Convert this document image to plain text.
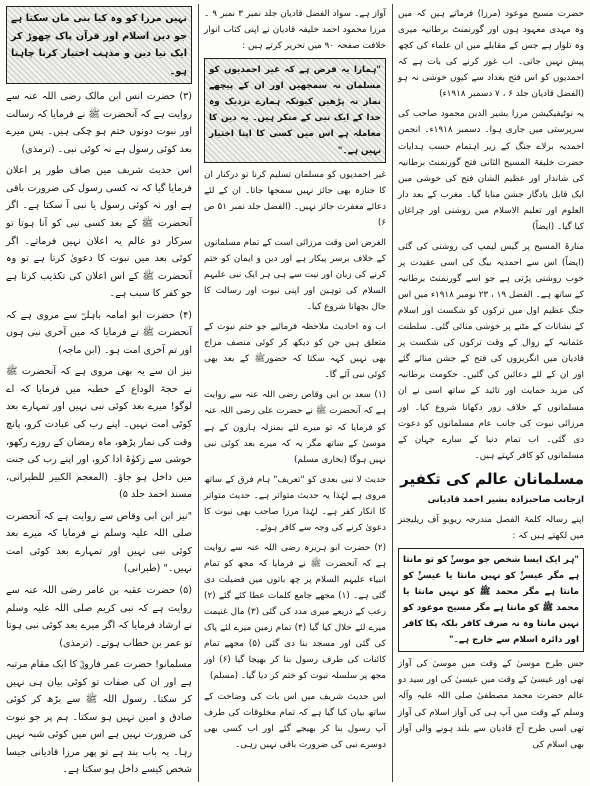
حضرت مسیح موعود (مرزا) فرماتے ہیں کہ میں وہ مہدی معہود ہوں اور گورنمنٹ برطانیہ میری وہ تلوار ہے جس کے مقابلے میں ان علماء کی کچھ پیش نہیں جاتی۔ اب غور کرنے کی بات ہے کہ احمدیوں کو اس فتح بغداد سے کیوں خوشی نہ ہو (الفضل قادیان جلد ۶ ، ۷ دسمبر ۱۹۱۸ء)

یہ نوٹیفیکیشن مرزا بشیر الدین محمود صاحب کی سرپرستی میں جاری ہوا۔ دسمبر ۱۹۱۸ء۔ انجمن احمدیہ برلاے جنگ کے زیر اہتمام حسب ہدایات حضرت خلیفۃ المسیح الثانی فتح گورنمنٹ برطانیہ کی شاندار اور عظیم الشان فتح کی خوشی میں ایک قابل یادگار جشن منایا گیا۔ مغرب کے بعد دار العلوم اور تعلیم الاسلام میں روشنی اور چراغاں کیا گیا۔ (ایضاً)

منارۃ المسیح پر گیس لیمپ کی روشنی کی گئی (ایضاً) اس سے احمدیہ بیگ کی اسی عقیدت پر خوب روشنی پڑتی ہے جو اسے گورنمنٹ برطانیہ کے ساتھ ہے۔ الفضل ۱۹ ، ۲۳ نومبر ۱۹۱۸ء میں اس جنگ عظیم اول میں ترکوں کو شکست اور اسلام کے نشانات کے مٹنے پر خوشی منائی گئی۔ سلطنت عثمانیہ کے زوال کے وقت ترکوں کی شکست پر قادیان میں انگریزوں کی فتح کے جشن منائے گئے اور ان کے لئے دعائیں کی گئیں۔ حکومت برطانیہ کی مزید حمایت اور تائید کے ساتھ اسی نے ان مسلمانوں کے خلاف زور دکھانا شروع کیا۔ اور مرزائی نبوت کی جانب عام مسلمانوں کو دعوت دی گئی۔ اب تمام دنیا کے سارے جہان کے مسلمانوں کو کافر کہتے ہیں۔

مسلمانان عالم کی تکفیر

ازجانب صاحبزادہ بشیر احمد قادیانی

اپنے رسالہ کلمۃ الفصل مندرجہ ریویو آف ریلیجنز میں لکھتے ہیں کہ :

"ہر ایک ایسا شخص جو موسیٰؑ کو تو مانتا ہے مگر عیسیٰؑ کو نہیں مانتا یا عیسیٰؑ کو مانتا ہے مگر محمد ﷺ کو نہیں مانتا یا محمد ﷺ کو مانتا ہے مگر مسیح موعود کو نہیں مانتا وہ نہ صرف کافر بلکہ پکا کافر اور دائرہ اسلام سے خارج ہے۔"

جس طرح موسیٰ کے وقت میں موسیٰ کی آواز تھی اور عیسیٰ کے وقت میں عیسیٰ کی اور سید دو عالم حضرت محمد مصطفیٰ صلی اللہ علیہ وآلہ وسلم کے وقت میں آپ ہی کی آواز اسلام کی آواز تھی اسی طرح آج قادیان سے بلند ہونے والی آواز بھی اسلام کی

آواز ہے۔ سواد الفضل قادیان جلد نمبر ۳ نمبر ۹ ۔ مرزا محمود احمد خلیفہ قادیان نے اپنی کتاب انوار خلافت صفحہ ۹۰ میں تحریر کرتے ہیں :

"ہمارا یہ فرض ہے کہ غیر احمدیوں کو مسلمان نہ سمجھیں اور ان کے پیچھے نماز نہ پڑھیں کیونکہ ہمارے نزدیک وہ خدا کے ایک نبی کے منکر ہیں۔ یہ دین کا معاملہ ہے اس میں کسی کا اپنا اختیار نہیں ہے۔"

غیر احمدیوں کو مسلمان تسلیم کرنا تو درکنار ان کا جنازہ بھی جائز نہیں سمجھا جاتا۔ ان کے لئے دعائے مغفرت جائز نہیں۔ (الفضل جلد نمبر ۵۱ ص ۶)

الغرض اس وقت مرزائی است کے تمام مسلمانوں کے خلاف برسر پیکار ہے اور دین و ایمان کو ختم کرنے کی زبان اور نیت سے ہی ہر ایک نبی علیہم السلام کی توہین اور اپنی نبوت اور رسالت کا جال بچھانا شروع کیا۔

اب وہ احادیث ملاحظہ فرمائیے جو ختم نبوت کے متعلق ہیں جن کو دیکھ کر کوئی منصف مزاج بھی نہیں کہہ سکتا کہ حضورﷺ کے بعد بھی کوئی نبی آئے گا۔

(۱) سعد بن ابی وقاص رضی اللہ عنہ سے روایت ہے کہ آنحضرت ﷺ نے حضرت علی رضی اللہ عنہ کو فرمایا کہ تو میرے لئے بمنزلہ ہارون کے ہے موسیٰ کے ساتھ مگر یہ کہ میرے بعد کوئی نبی نہیں ہوگا (بخاری مسلم)

حدیث لا نبی بعدی کو "تعریف" ہام فرق کے ساتھ مروی ہے لہٰذا یہ حدیث متواتر ہے۔ حدیث متواتر کا انکار کفر ہے۔ لہٰذا مرزا صاحب بھی نبوت کا دعویٰ کرنے کی وجہ سے کافر ہوئے۔

(۲) حضرت ابو ہریرہ رضی اللہ عنہ سے روایت ہے کہ آنحضرت ﷺ نے فرمایا کہ مجھ کو تمام انبیاء علیہم السلام پر چھ باتوں میں فضیلت دی گئی ہے۔ (۱) مجھے جامع کلمات عطا کئے گئے (۲) رعب کے ذریعے میری مدد کی گئی (۳) مال غنیمت میرے لئے حلال کیا گیا (۴) تمام زمین میرے لئے پاک کی گئی اور مسجد بنا دی گئی (۵) مجھے تمام کائنات کی طرف رسول بنا کر بھیجا گیا (۶) اور مجھ پر سلسلہ نبوت کو ختم کر دیا گیا۔ (مسلم)

اس حدیث شریف میں اس بات کی وضاحت کے ساتھ بیان کیا گیا ہے کہ تمام مخلوقات کی طرف آپ رسول بنا کر بھیجے گئے اور اب کسی بھی دوسرے نبی کی ضرورت باقی نہیں رہی۔

نہیں مرزا کو وہ کیا بنی مان سکتا ہے جو دین اسلام اور قرآن پاک چھوڑ کر ایک نیا دین و مذہب اختیار کرنا چاہتا ہو۔

(۳) حضرت انس ابن مالک رضی اللہ عنہ سے روایت ہے کہ آنحضرت ﷺ نے فرمایا کہ رسالت اور نبوت دونوں ختم ہو چکی ہیں۔ پس میرے بعد کوئی رسول ہے نہ کوئی نبی۔ (ترمذی)

اس حدیث شریف میں صاف طور پر اعلان فرمایا گیا کہ نہ کسی رسول کی ضرورت باقی ہے اور نہ کوئی رسول یا نبی آ سکتا ہے۔ اگر آنحضرت ﷺ کے بعد کسی نبی کو آنا ہوتا تو سرکار دو عالم یہ اعلان نہیں فرماتے۔ اگر کوئی بعد میں نبوت کا دعویٰ کرتا ہے تو وہ آنحضرت ﷺ کے اس اعلان کی تکذیب کرتا ہے جو کفر کا سبب ہے۔

(۴) حضرت ابو امامہ باہلیؓ سے مروی ہے کہ آنحضرت ﷺ نے فرمایا کہ میں آخری نبی ہوں اور تم آخری امت ہو۔ (ابن ماجہ)

نیز ان سے یہ بھی مروی ہے کہ آنحضرت ﷺ نے حجۃ الوداع کے خطبہ میں فرمایا کہ اے لوگو! میرے بعد کوئی نبی نہیں اور تمہارے بعد کوئی امت نہیں۔ اپنے رب کی عبادت کرو، پانچ وقت کی نماز پڑھو، ماہ رمضان کے روزے رکھو، خوشی سے زکوٰۃ ادا کرو، اور اپنے رب کی جنت میں داخل ہو جاؤ۔ (المعجم الکبیر للطبرانی، مسند احمد جلد ۵)

"نیز ابن ابی وقاص سے روایت ہے کہ آنحضرت صلی اللہ علیہ وسلم نے فرمایا کہ میرے بعد کوئی نبی نہیں اور تمہارے بعد کوئی امت نہیں۔" (طبرانی)

(۵) حضرت عقبہ بن عامر رضی اللہ عنہ سے روایت ہے کہ نبی کریم صلی اللہ علیہ وسلم نے ارشاد فرمایا کہ اگر میرے بعد کوئی نبی ہوتا تو عمر بن خطاب ہوتے۔ (ترمذی)

مسلمانو! حضرت عمر فاروقؓ کا ایک مقام مرتبہ ہے اور ان کی صفات تو کوئی بیان ہی نہیں کر سکتا۔ رسول اللہ ﷺ سے بڑھ کر کوئی صادق و امین نہیں ہو سکتا۔ ہم پر جو نبوت کی ضرورت نہیں ہے اس میں کوئی شبہ نہیں رہا۔ یہ باب بند ہے تو پھر مرزا قادیانی جیسا شخص کیسے داخل ہو سکتا ہے۔
